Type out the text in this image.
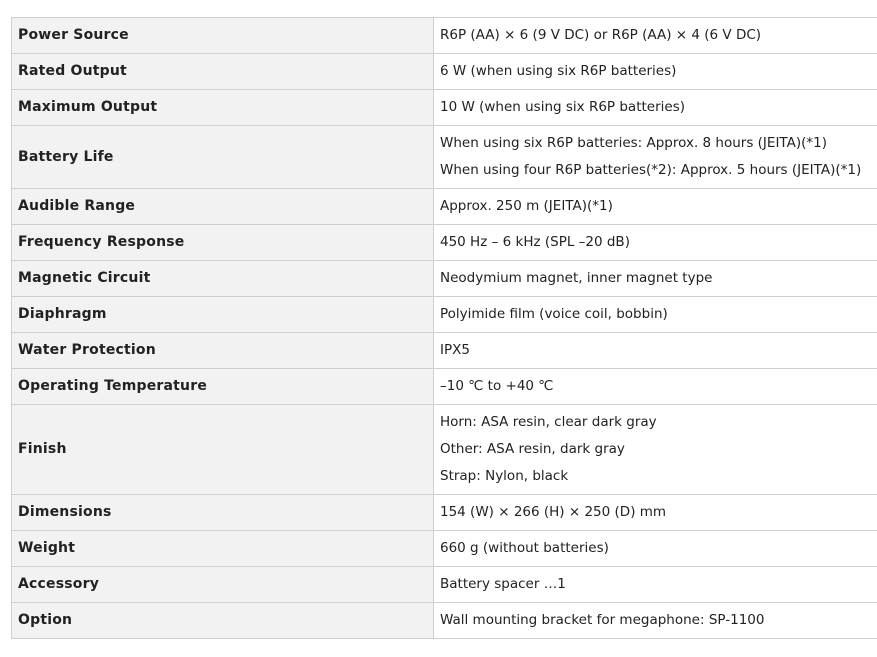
Power Source	R6P (AA) × 6 (9 V DC) or R6P (AA) × 4 (6 V DC)

Rated Output	6 W (when using six R6P batteries)

Maximum Output	10 W (when using six R6P batteries)

Battery Life	When using six R6P batteries: Approx. 8 hours (JEITA)(*1)
When using four R6P batteries(*2): Approx. 5 hours (JEITA)(*1)

Audible Range	Approx. 250 m (JEITA)(*1)

Frequency Response	450 Hz – 6 kHz (SPL –20 dB)

Magnetic Circuit	Neodymium magnet, inner magnet type

Diaphragm	Polyimide film (voice coil, bobbin)

Water Protection	IPX5

Operating Temperature	–10 ℃ to +40 ℃

Finish	Horn: ASA resin, clear dark gray
Other: ASA resin, dark gray
Strap: Nylon, black

Dimensions	154 (W) × 266 (H) × 250 (D) mm

Weight	660 g (without batteries)

Accessory	Battery spacer …1

Option	Wall mounting bracket for megaphone: SP-1100
